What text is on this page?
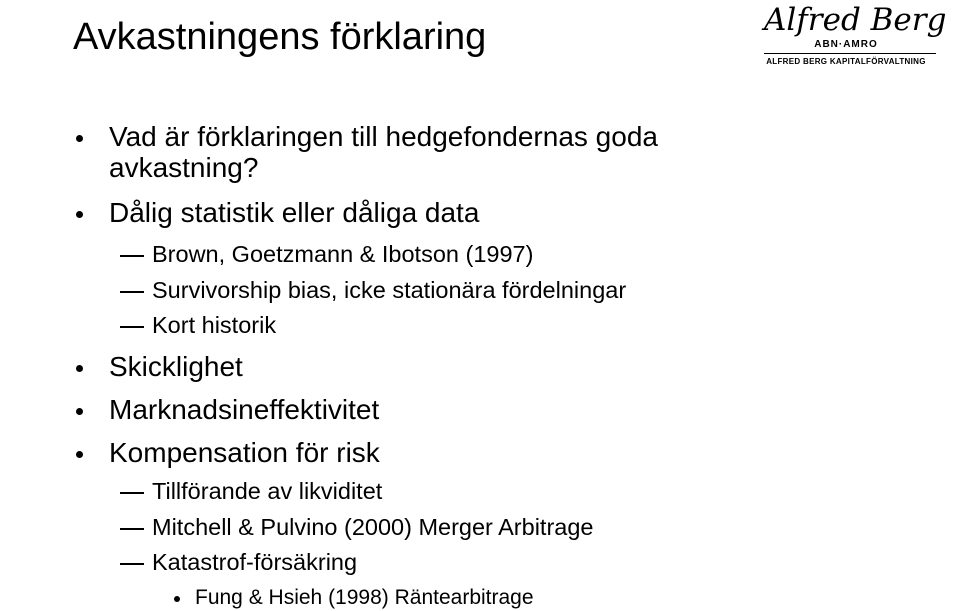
Avkastningens förklaring	Alfred Berg
ABN·AMRO
ALFRED BERG KAPITALFÖRVALTNING
Vad är förklaringen till hedgefondernas goda
avkastning?
Dålig statistik eller dåliga data
Brown, Goetzmann & Ibotson (1997)
Survivorship bias, icke stationära fördelningar
Kort historik
Skicklighet
Marknadsineffektivitet
Kompensation för risk
Tillförande av likviditet
Mitchell & Pulvino (2000) Merger Arbitrage
Katastrof-försäkring
Fung & Hsieh (1998) Räntearbitrage
